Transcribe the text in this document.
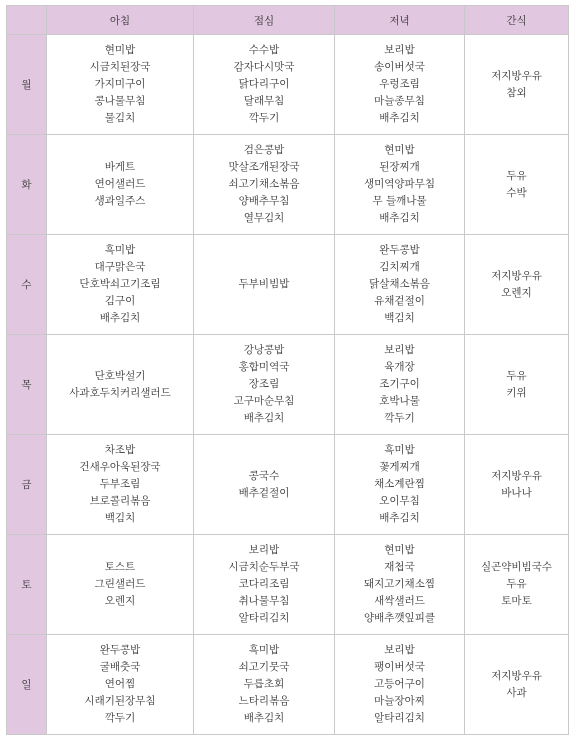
	아침	점심	저녁	간식
월	현미밥
시금치된장국
가지미구이
콩나물무침
물김치	수수밥
감자다시맛국
닭다리구이
달래무침
깍두기	보리밥
송이버섯국
우렁조림
마늘종무침
배추김치	저지방우유
참외

화	바게트
연어샐러드
생과일주스	검은콩밥
맛살조개된장국
쇠고기채소볶음
양배추무침
열무김치	현미밥
된장찌개
생미역양파무침
무 들깨나물
배추김치	두유
수박

수	흑미밥
대구맑은국
단호박쇠고기조림
김구이
배추김치	두부비빔밥	완두콩밥
김치찌개
닭살채소볶음
유채겉절이
백김치	저지방우유
오렌지

목	단호박설기
사과호두치커리샐러드	강낭콩밥
홍합미역국
장조림
고구마순무침
배추김치	보리밥
육개장
조기구이
호박나물
깍두기	두유
키위

금	차조밥
건새우아욱된장국
두부조림
브로콜리볶음
백김치	콩국수
배추겉절이	흑미밥
꽃게찌개
채소계란찜
오이무침
배추김치	저지방우유
바나나

토	토스트
그린샐러드
오렌지	보리밥
시금치순두부국
코다리조림
취나물무침
알타리김치	현미밥
재첩국
돼지고기채소찜
새싹샐러드
양배추깻잎피클	실곤약비빔국수
두유
토마토

일	완두콩밥
굴배춧국
연어찜
시래기된장무침
깍두기	흑미밥
쇠고기뭇국
두릅초회
느타리볶음
배추김치	보리밥
팽이버섯국
고등어구이
마늘장아찌
알타리김치	저지방우유
사과
